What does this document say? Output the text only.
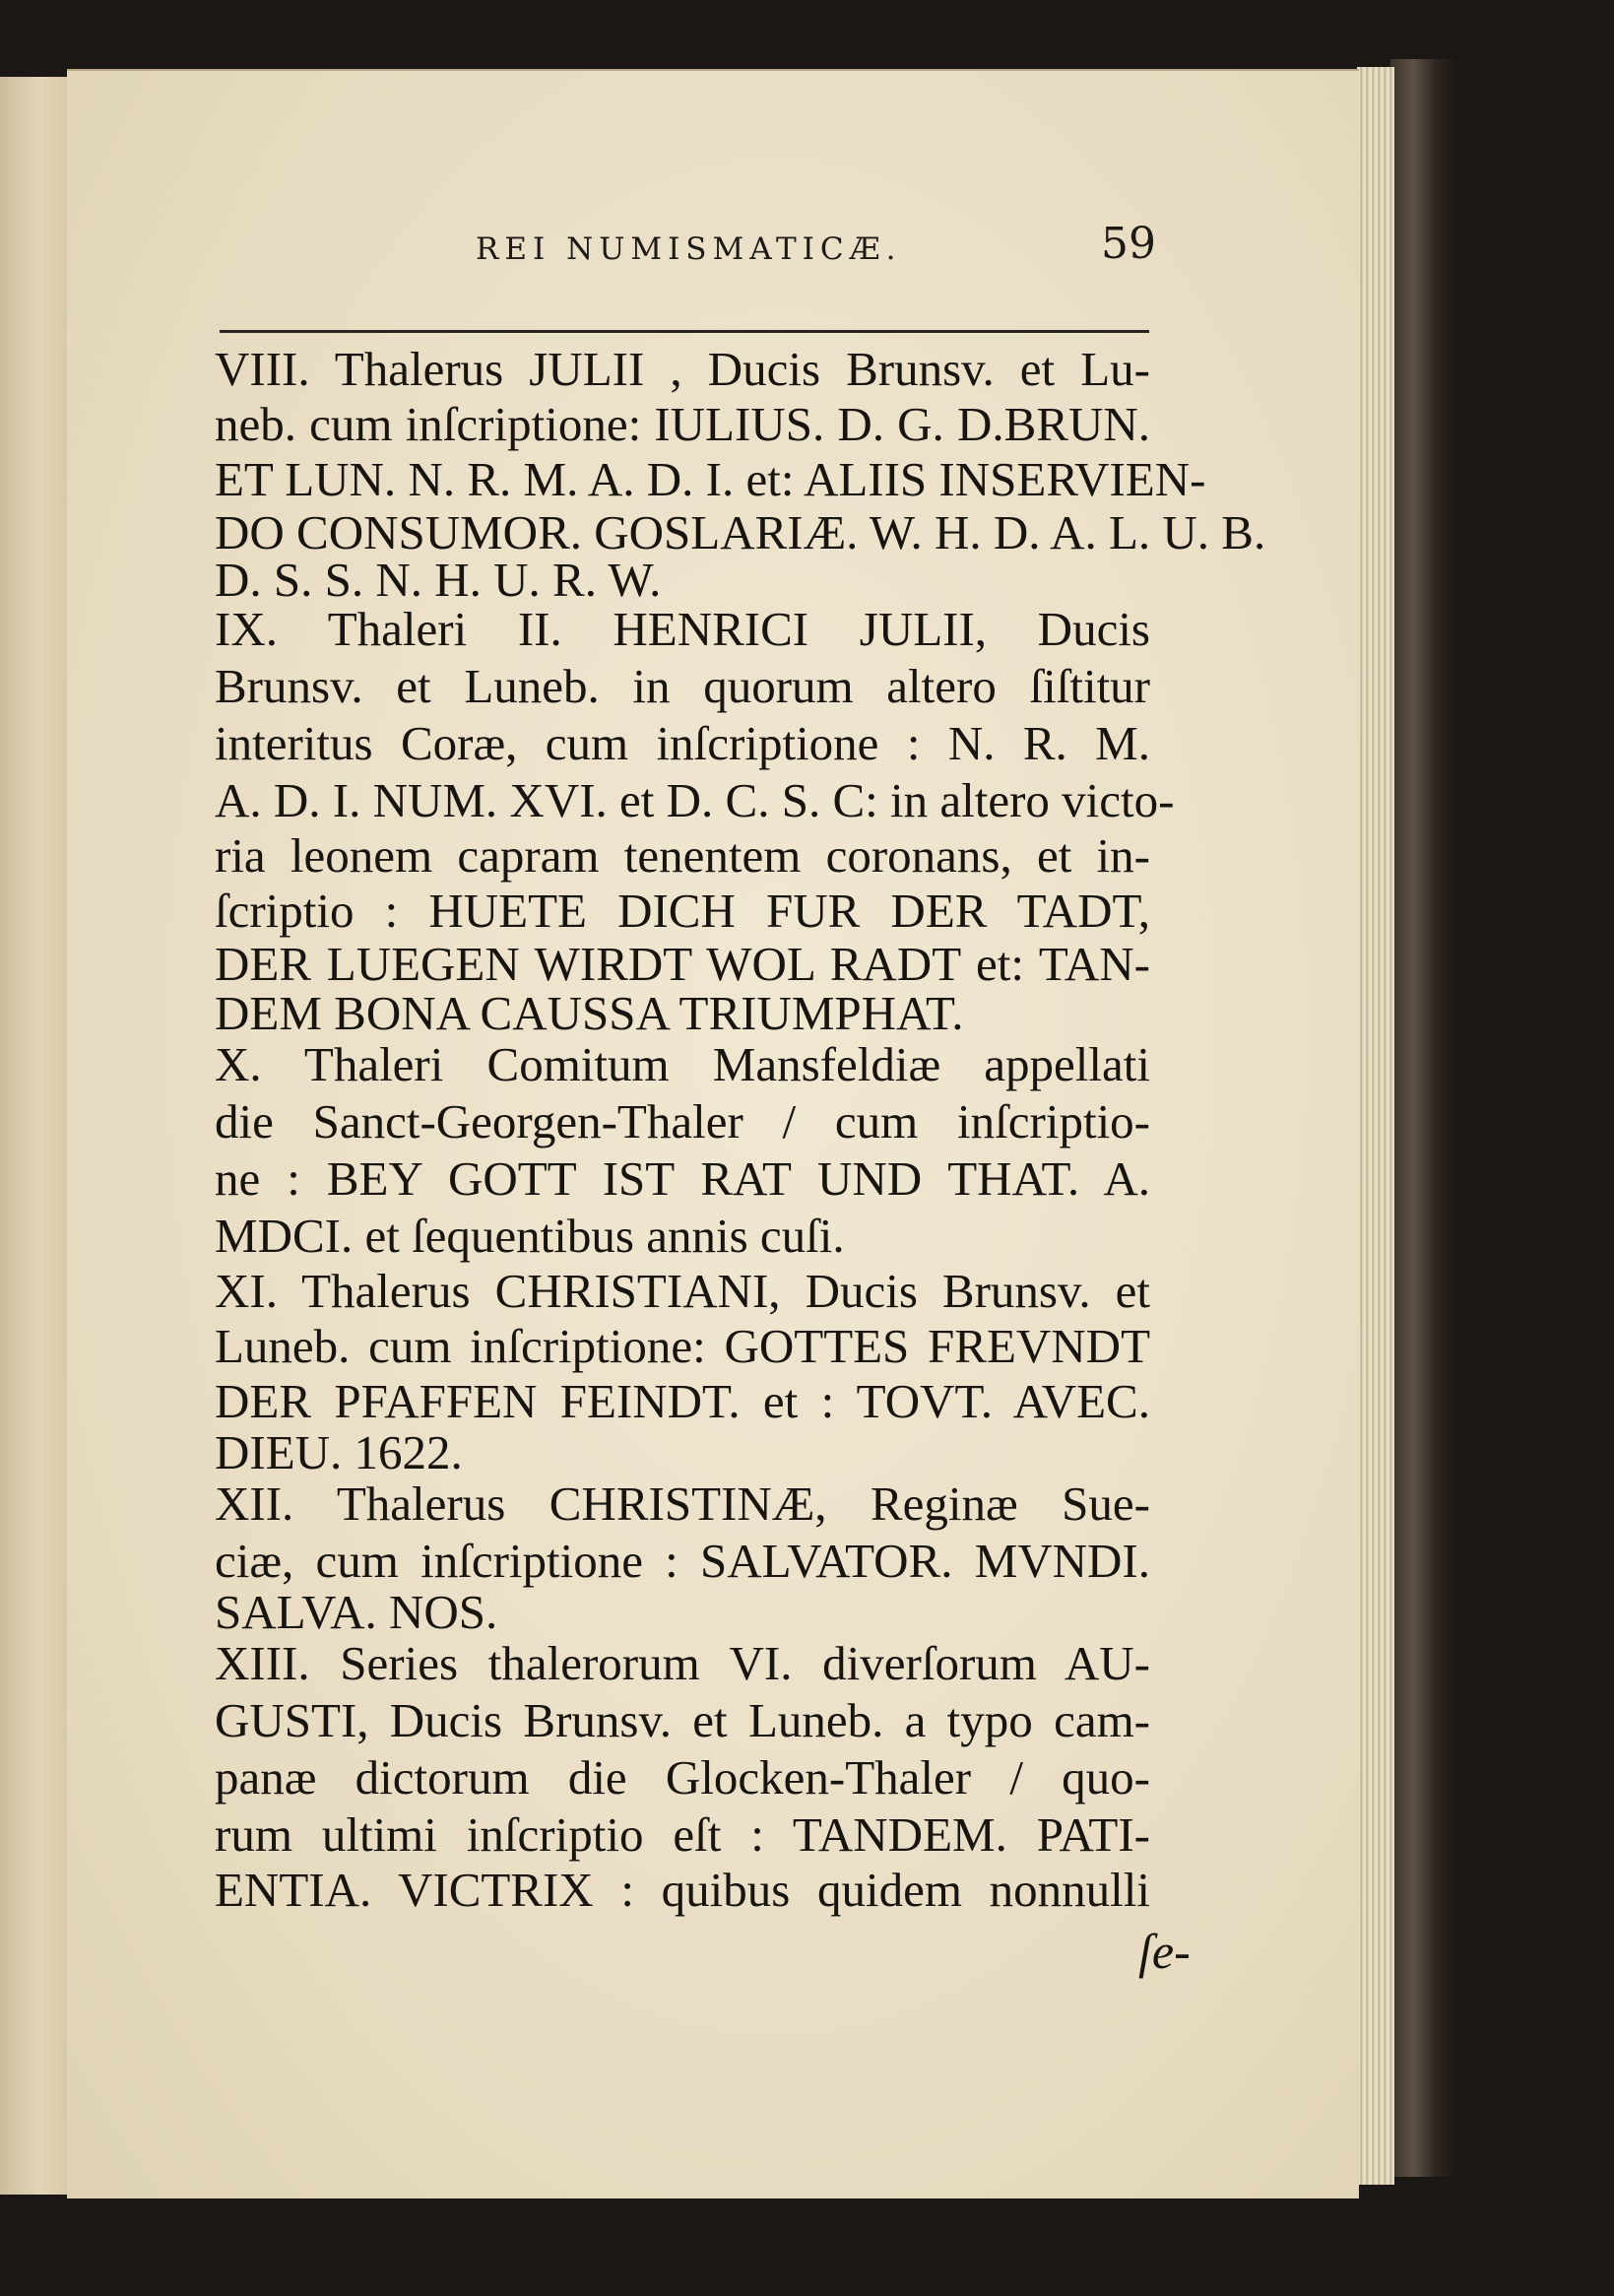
REI NUMISMATICÆ.	59
VIII. Thalerus JULII , Ducis Brunsv. et Lu-
neb. cum inſcriptione: IULIUS. D. G. D.BRUN.
ET LUN. N. R. M. A. D. I. et: ALIIS INSERVIEN-
DO CONSUMOR. GOSLARIÆ. W. H. D. A. L. U. B.
D. S. S. N. H. U. R. W.
IX. Thaleri II. HENRICI JULII, Ducis
Brunsv. et Luneb. in quorum altero ſiſtitur
interitus Coræ, cum inſcriptione : N. R. M.
A. D. I. NUM. XVI. et D. C. S. C: in altero victo-
ria leonem capram tenentem coronans, et in-
ſcriptio : HUETE DICH FUR DER TADT,
DER LUEGEN WIRDT WOL RADT et: TAN-
DEM BONA CAUSSA TRIUMPHAT.
X. Thaleri Comitum Mansfeldiæ appellati
die Sanct-Georgen-Thaler / cum inſcriptio-
ne : BEY GOTT IST RAT UND THAT. A.
MDCI. et ſequentibus annis cuſi.
XI. Thalerus CHRISTIANI, Ducis Brunsv. et
Luneb. cum inſcriptione: GOTTES FREVNDT
DER PFAFFEN FEINDT. et : TOVT. AVEC.
DIEU. 1622.
XII. Thalerus CHRISTINÆ, Reginæ Sue-
ciæ, cum inſcriptione : SALVATOR. MVNDI.
SALVA. NOS.
XIII. Series thalerorum VI. diverſorum AU-
GUSTI, Ducis Brunsv. et Luneb. a typo cam-
panæ dictorum die Glocken-Thaler / quo-
rum ultimi inſcriptio eſt : TANDEM. PATI-
ENTIA. VICTRIX : quibus quidem nonnulli
ſe-
